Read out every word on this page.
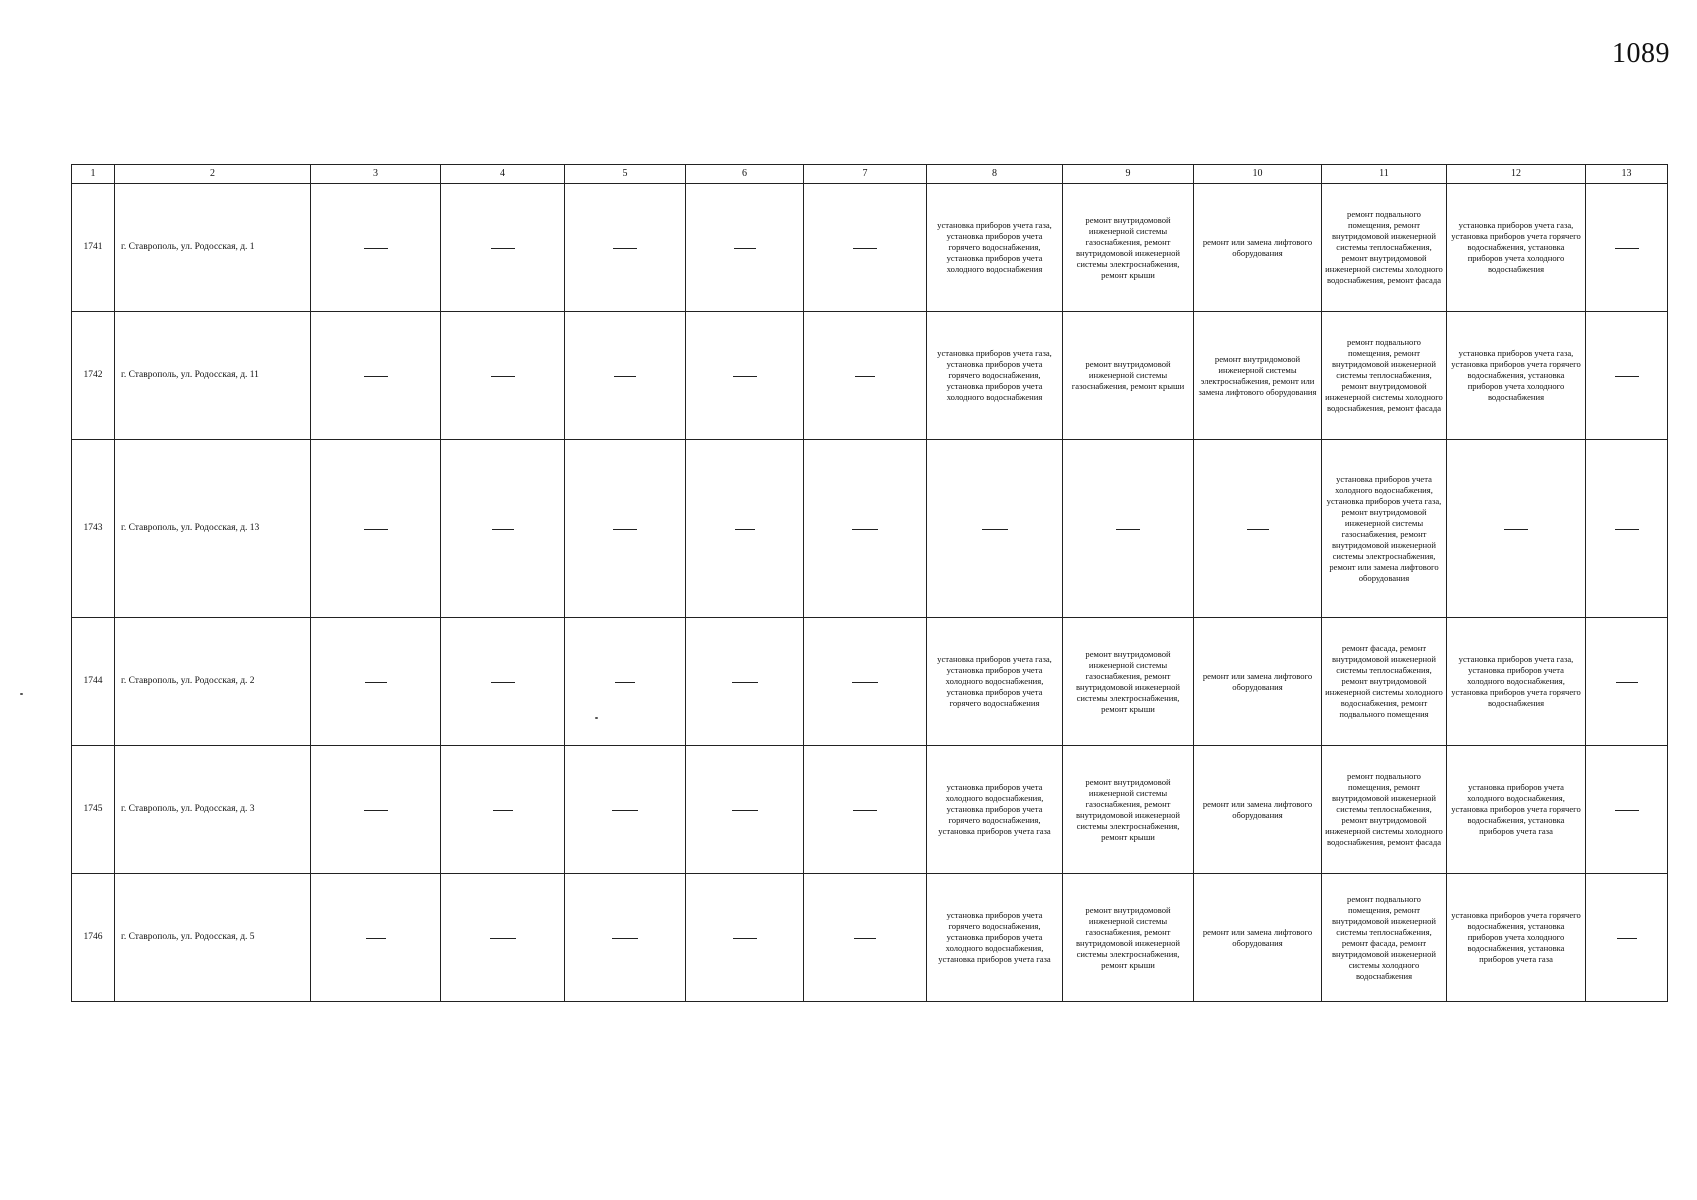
1089
1	2	3	4	5	6	7	8	9	10	11	12	13
1741	г. Ставрополь, ул. Родосская, д. 1						установка приборов учета газа, установка приборов учета горячего водоснабжения, установка приборов учета холодного водоснабжения	ремонт внутридомовой инженерной системы газоснабжения, ремонт внутридомовой инженерной системы электроснабжения, ремонт крыши	ремонт или замена лифтового оборудования	ремонт подвального помещения, ремонт внутридомовой инженерной системы теплоснабжения, ремонт внутридомовой инженерной системы холодного водоснабжения, ремонт фасада	установка приборов учета газа, установка приборов учета горячего водоснабжения, установка приборов учета холодного водоснабжения	
1742	г. Ставрополь, ул. Родосская, д. 11						установка приборов учета газа, установка приборов учета горячего водоснабжения, установка приборов учета холодного водоснабжения	ремонт внутридомовой инженерной системы газоснабжения, ремонт крыши	ремонт внутридомовой инженерной системы электроснабжения, ремонт или замена лифтового оборудования	ремонт подвального помещения, ремонт внутридомовой инженерной системы теплоснабжения, ремонт внутридомовой инженерной системы холодного водоснабжения, ремонт фасада	установка приборов учета газа, установка приборов учета горячего водоснабжения, установка приборов учета холодного водоснабжения	
1743	г. Ставрополь, ул. Родосская, д. 13									установка приборов учета холодного водоснабжения, установка приборов учета газа, ремонт внутридомовой инженерной системы газоснабжения, ремонт внутридомовой инженерной системы электроснабжения, ремонт или замена лифтового оборудования		
1744	г. Ставрополь, ул. Родосская, д. 2						установка приборов учета газа, установка приборов учета холодного водоснабжения, установка приборов учета горячего водоснабжения	ремонт внутридомовой инженерной системы газоснабжения, ремонт внутридомовой инженерной системы электроснабжения, ремонт крыши	ремонт или замена лифтового оборудования	ремонт фасада, ремонт внутридомовой инженерной системы теплоснабжения, ремонт внутридомовой инженерной системы холодного водоснабжения, ремонт подвального помещения	установка приборов учета газа, установка приборов учета холодного водоснабжения, установка приборов учета горячего водоснабжения	
1745	г. Ставрополь, ул. Родосская, д. 3						установка приборов учета холодного водоснабжения, установка приборов учета горячего водоснабжения, установка приборов учета газа	ремонт внутридомовой инженерной системы газоснабжения, ремонт внутридомовой инженерной системы электроснабжения, ремонт крыши	ремонт или замена лифтового оборудования	ремонт подвального помещения, ремонт внутридомовой инженерной системы теплоснабжения, ремонт внутридомовой инженерной системы холодного водоснабжения, ремонт фасада	установка приборов учета холодного водоснабжения, установка приборов учета горячего водоснабжения, установка приборов учета газа	
1746	г. Ставрополь, ул. Родосская, д. 5						установка приборов учета горячего водоснабжения, установка приборов учета холодного водоснабжения, установка приборов учета газа	ремонт внутридомовой инженерной системы газоснабжения, ремонт внутридомовой инженерной системы электроснабжения, ремонт крыши	ремонт или замена лифтового оборудования	ремонт подвального помещения, ремонт внутридомовой инженерной системы теплоснабжения, ремонт фасада, ремонт внутридомовой инженерной системы холодного водоснабжения	установка приборов учета горячего водоснабжения, установка приборов учета холодного водоснабжения, установка приборов учета газа	
